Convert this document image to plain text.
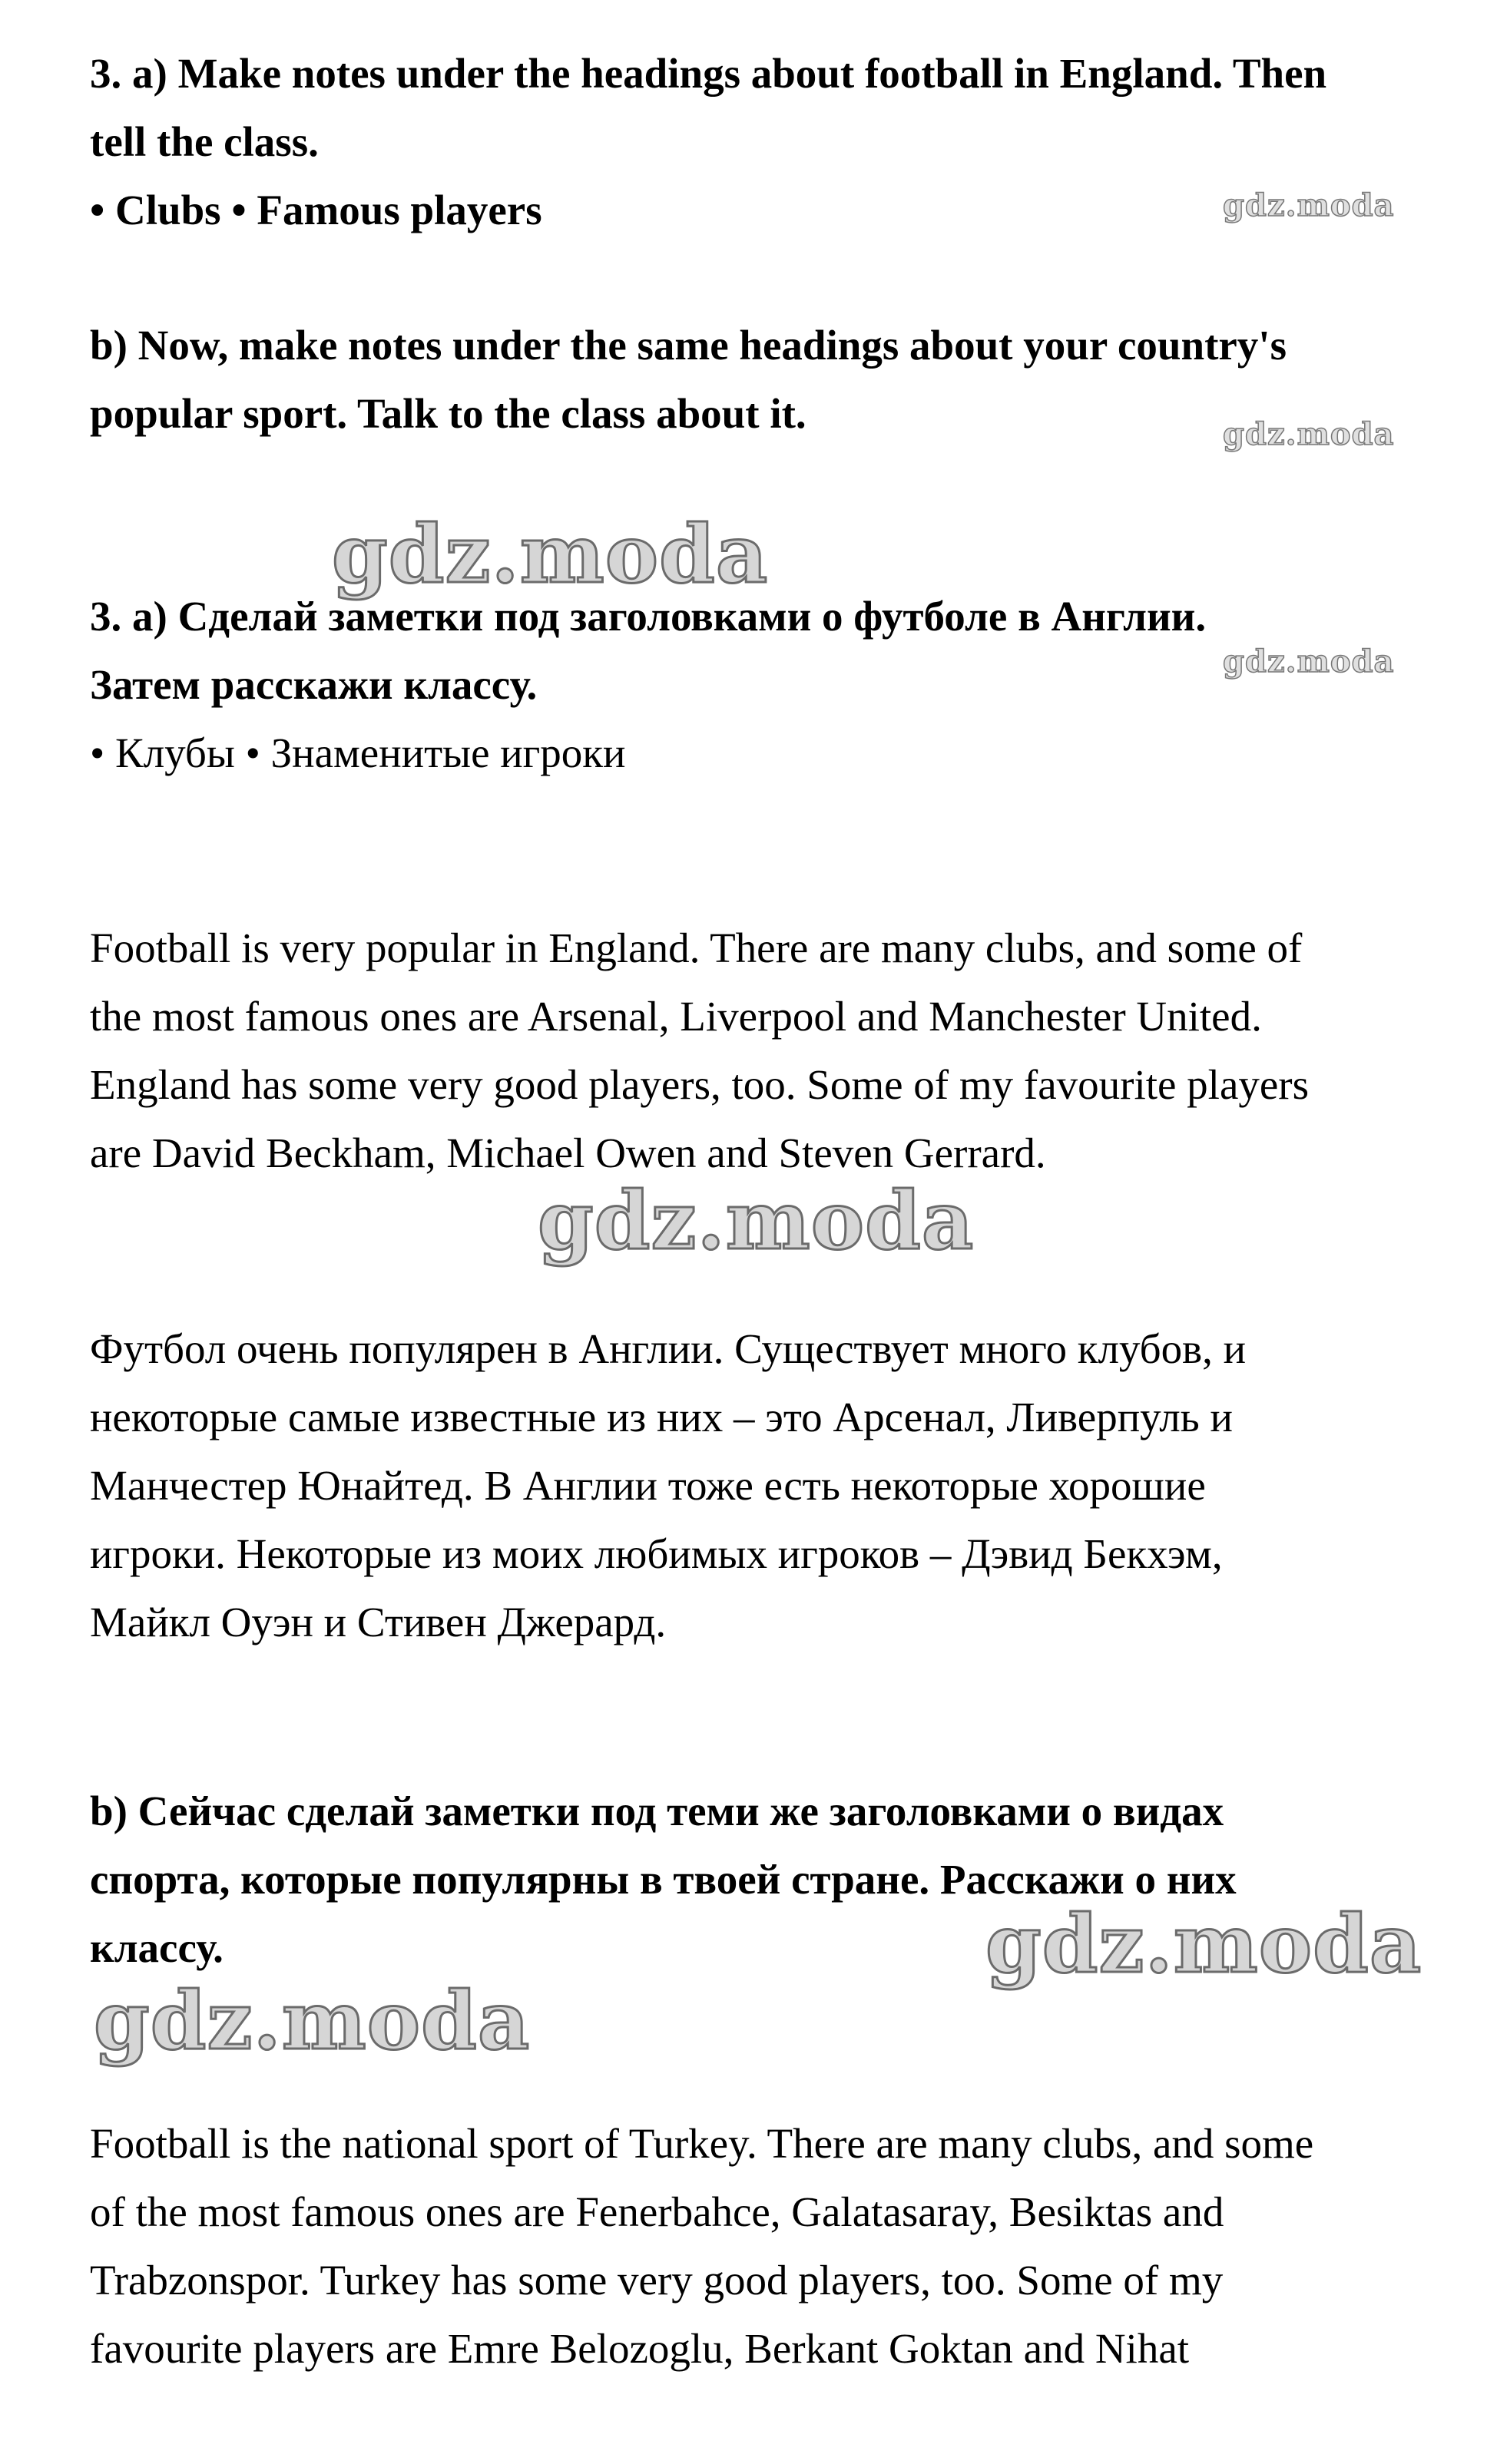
3. a) Make notes under the headings about football in England. Then
tell the class.
• Clubs • Famous players
b) Now, make notes under the same headings about your country's
popular sport. Talk to the class about it.
3. a) Сделай заметки под заголовками о футболе в Англии.
Затем расскажи классу.
• Клубы • Знаменитые игроки
Football is very popular in England. There are many clubs, and some of
the most famous ones are Arsenal, Liverpool and Manchester United.
England has some very good players, too. Some of my favourite players
are David Beckham, Michael Owen and Steven Gerrard.
Футбол очень популярен в Англии. Существует много клубов, и
некоторые самые известные из них – это Арсенал, Ливерпуль и
Манчестер Юнайтед. В Англии тоже есть некоторые хорошие
игроки. Некоторые из моих любимых игроков – Дэвид Бекхэм,
Майкл Оуэн и Стивен Джерард.
b) Сейчас сделай заметки под теми же заголовками о видах
спорта, которые популярны в твоей стране. Расскажи о них
классу.
Football is the national sport of Turkey. There are many clubs, and some
of the most famous ones are Fenerbahce, Galatasaray, Besiktas and
Trabzonspor. Turkey has some very good players, too. Some of my
favourite players are Emre Belozoglu, Berkant Goktan and Nihat
gdz.moda
gdz.moda
gdz.moda
gdz.moda
gdz.moda
gdz.moda
gdz.moda
